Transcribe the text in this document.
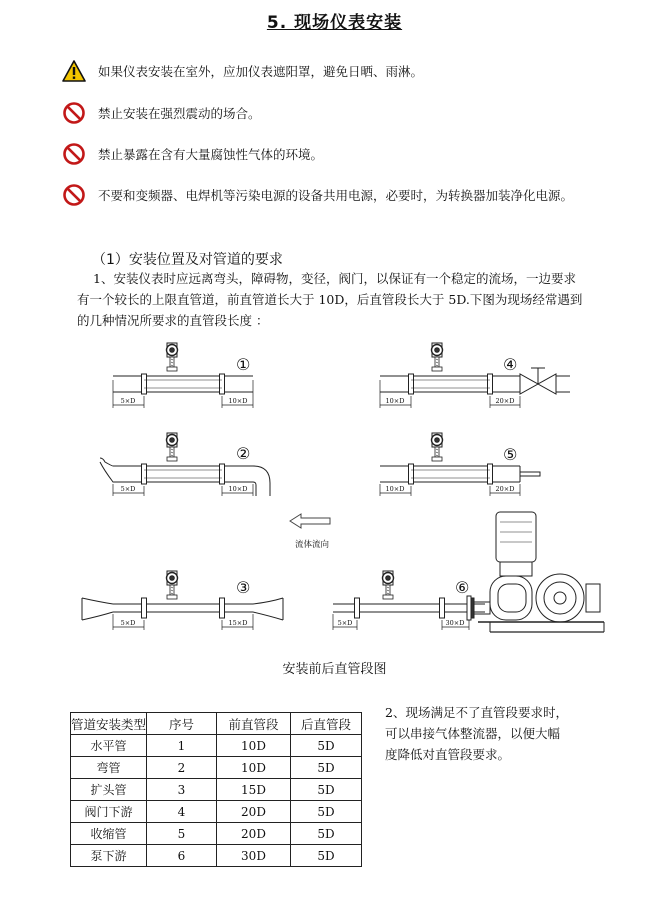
5. 现场仪表安装
如果仪表安装在室外，应加仪表遮阳罩，避免日晒、雨淋。
禁止安装在强烈震动的场合。
禁止暴露在含有大量腐蚀性气体的环境。
不要和变频器、电焊机等污染电源的设备共用电源，必要时，为转换器加装净化电源。
（1）安装位置及对管道的要求
1、安装仪表时应远离弯头，障碍物，变径，阀门，以保证有一个稳定的流场，一边要求
有一个较长的上限直管道，前直管道长大于 10D，后直管段长大于 5D.下图为现场经常遇到
的几种情况所要求的直管段长度 ：
①
②
③
④
⑤
⑥
5×D	10×D
5×D	10×D
5×D	15×D
10×D	20×D
10×D	20×D
5×D	30×D
流体流向
安装前后直管段图
管道安装类型	序号	前直管段	后直管段
水平管	1	10D	5D
弯管	2	10D	5D
扩头管	3	15D	5D
阀门下游	4	20D	5D
收缩管	5	20D	5D
泵下游	6	30D	5D
2、现场满足不了直管段要求时，
可以串接气体整流器，以便大幅
度降低对直管段要求。
